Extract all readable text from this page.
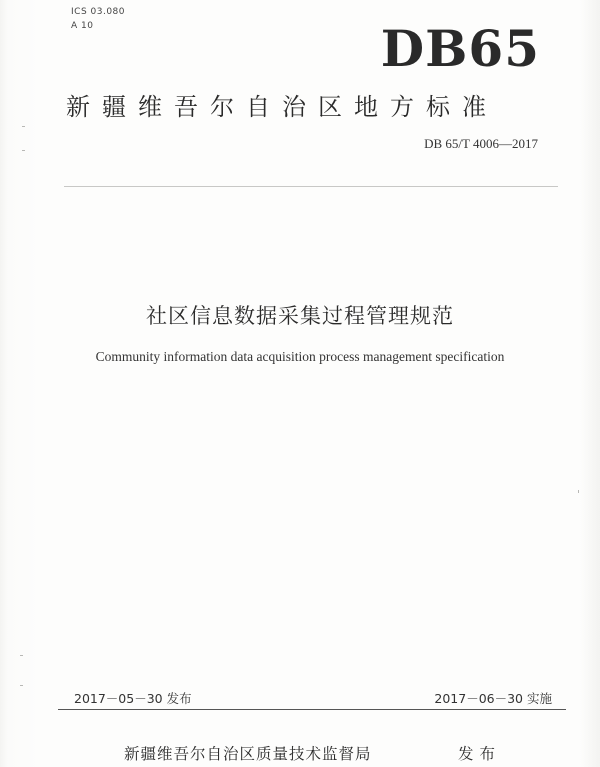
ICS 03.080
A 10	DB65
新疆维吾尔自治区地方标准
DB 65/T 4006—2017
社区信息数据采集过程管理规范
Community information data acquisition process management specification
2017－05－30 发布	2017－06－30 实施
新疆维吾尔自治区质量技术监督局	发布
